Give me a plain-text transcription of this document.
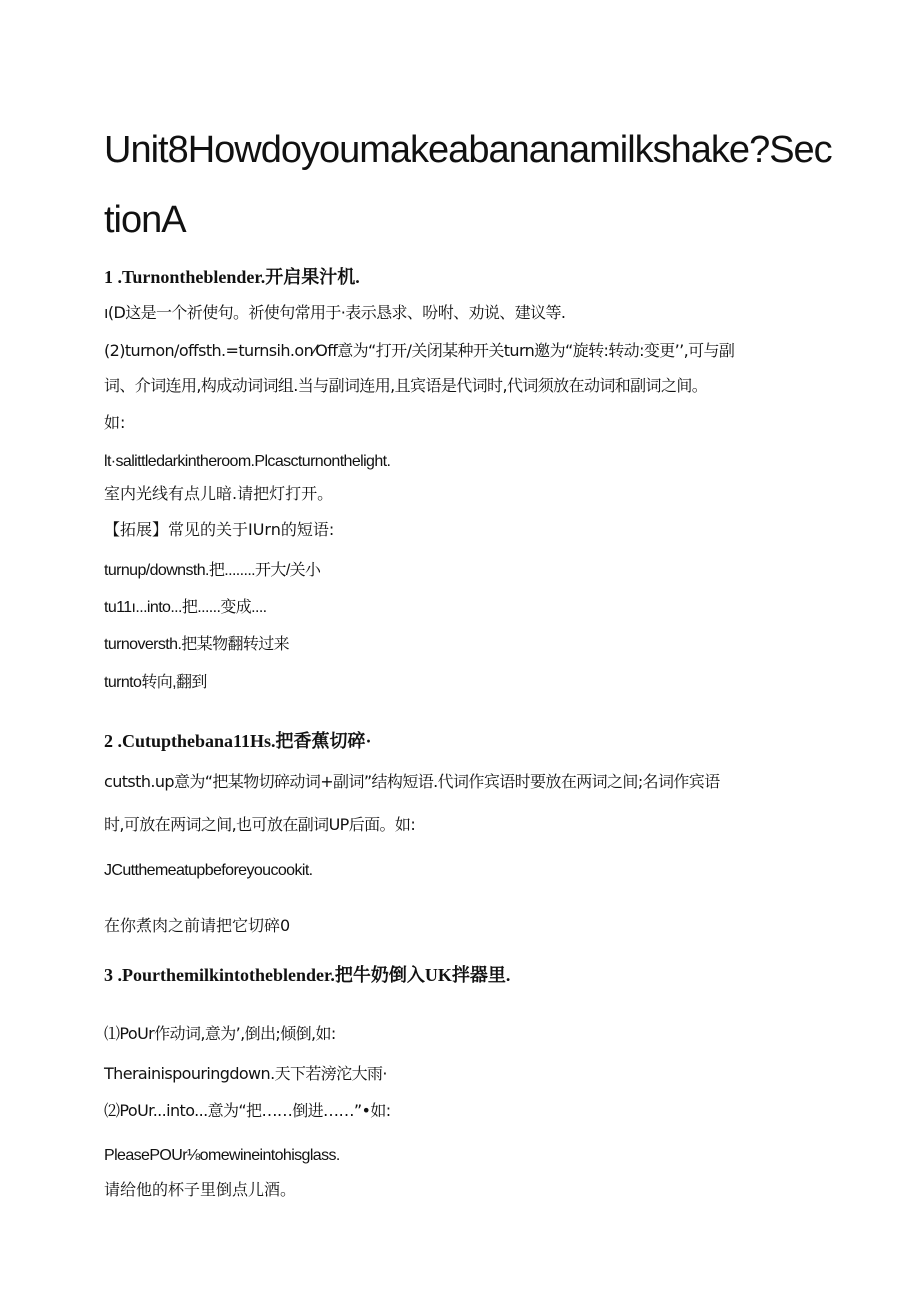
Unit8Howdoyoumakeabananamilkshake?Sec
tionA
1 .Turnontheblender.开启果汁机.
ı(D这是一个祈使句。祈使句常用于·表示恳求、吩咐、劝说、建议等.
(2)turnon/offsth.=turnsih.on⁄Off意为“打开/关闭某种开关turn邀为“旋转:转动:变更’’,可与副
词、介词连用,构成动词词组.当与副词连用,且宾语是代词时,代词须放在动词和副词之间。
如:
lt·salittledarkintheroom.Plcascturnonthelight.
室内光线有点儿暗.请把灯打开。
【拓展】常见的关于IUrn的短语:
turnup/downsth.把........开大/关小
tu11ı...into...把......变成....
turnoversth.把某物翻转过来
turnto转向,翻到
2 .Cutupthebana11Hs.把香蕉切碎·
cutsth.up意为“把某物切碎动词+副词”结构短语.代词作宾语时要放在两词之间;名词作宾语
时,可放在两词之间,也可放在副词UP后面。如:
JCutthemeatupbeforeyoucookit.
在你煮肉之前请把它切碎0
3 .Pourthemilkintotheblender.把牛奶倒入UK拌器里.
⑴PoUr作动词,意为’,倒出;倾倒,如:
Therainispouringdown.天下若滂沱大雨·
⑵PoUr...into...意为“把……倒进……”•如:
PleasePOUr⅛omewineintohisglass.
请给他的杯子里倒点儿酒。
